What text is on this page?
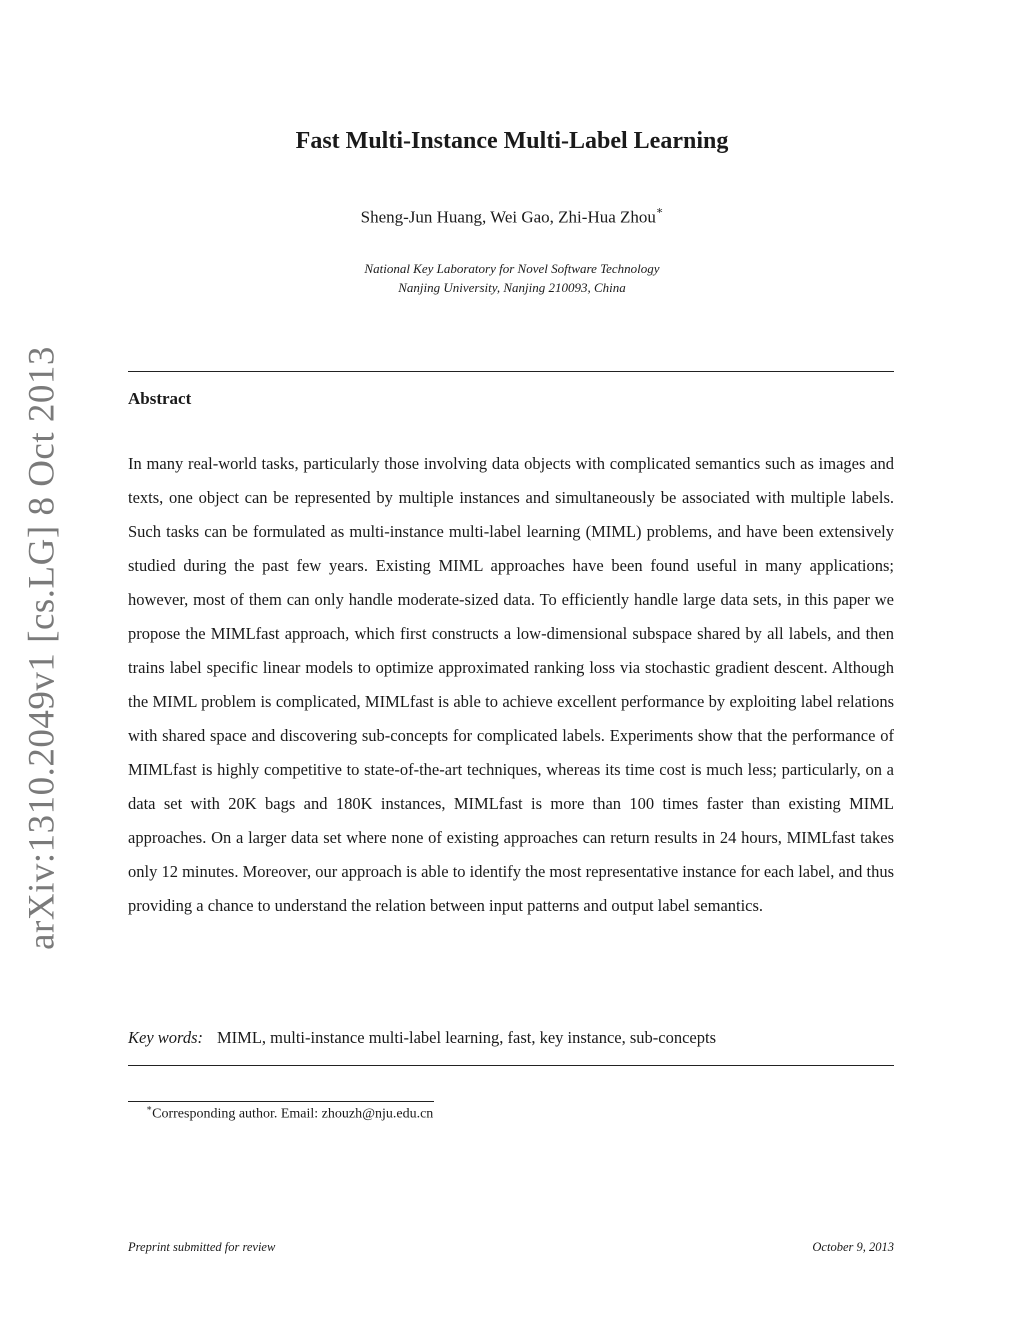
arXiv:1310.2049v1 [cs.LG] 8 Oct 2013
Fast Multi-Instance Multi-Label Learning
Sheng-Jun Huang, Wei Gao, Zhi-Hua Zhou∗
National Key Laboratory for Novel Software Technology
Nanjing University, Nanjing 210093, China
Abstract

In many real-world tasks, particularly those involving data objects with complicated semantics such as images and texts, one object can be represented by multiple instances and simultaneously be associated with multiple labels. Such tasks can be formulated as multi-instance multi-label learning (MIML) problems, and have been extensively studied during the past few years. Existing MIML approaches have been found useful in many applications; however, most of them can only handle moderate-sized data. To efficiently handle large data sets, in this paper we propose the MIMLfast approach, which first constructs a low-dimensional subspace shared by all labels, and then trains label specific linear models to optimize approximated ranking loss via stochastic gradient descent. Although the MIML problem is complicated, MIMLfast is able to achieve excellent performance by exploiting label relations with shared space and discovering sub-concepts for complicated labels. Experiments show that the performance of MIMLfast is highly competitive to state-of-the-art techniques, whereas its time cost is much less; particularly, on a data set with 20K bags and 180K instances, MIMLfast is more than 100 times faster than existing MIML approaches. On a larger data set where none of existing approaches can return results in 24 hours, MIMLfast takes only 12 minutes. Moreover, our approach is able to identify the most representative instance for each label, and thus providing a chance to understand the relation between input patterns and output label semantics.

Key words: MIML, multi-instance multi-label learning, fast, key instance, sub-concepts
∗Corresponding author. Email: zhouzh@nju.edu.cn
Preprint submitted for review	October 9, 2013
